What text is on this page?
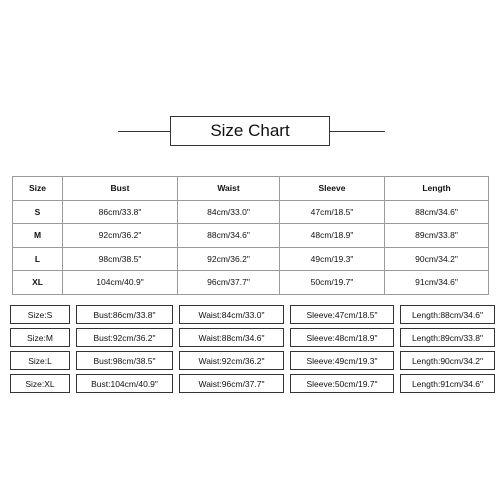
Size Chart
Size	Bust	Waist	Sleeve	Length
S	86cm/33.8"	84cm/33.0"	47cm/18.5"	88cm/34.6"
M	92cm/36.2"	88cm/34.6"	48cm/18.9"	89cm/33.8"
L	98cm/38.5"	92cm/36.2"	49cm/19.3"	90cm/34.2"
XL	104cm/40.9"	96cm/37.7"	50cm/19.7"	91cm/34.6"
Size:S	Bust:86cm/33.8"	Waist:84cm/33.0"	Sleeve:47cm/18.5"	Length:88cm/34.6"
Size:M	Bust:92cm/36.2"	Waist:88cm/34.6"	Sleeve:48cm/18.9"	Length:89cm/33.8"
Size:L	Bust:98cm/38.5"	Waist:92cm/36.2"	Sleeve:49cm/19.3"	Length:90cm/34.2"
Size:XL	Bust:104cm/40.9"	Waist:96cm/37.7"	Sleeve:50cm/19.7"	Length:91cm/34.6"
